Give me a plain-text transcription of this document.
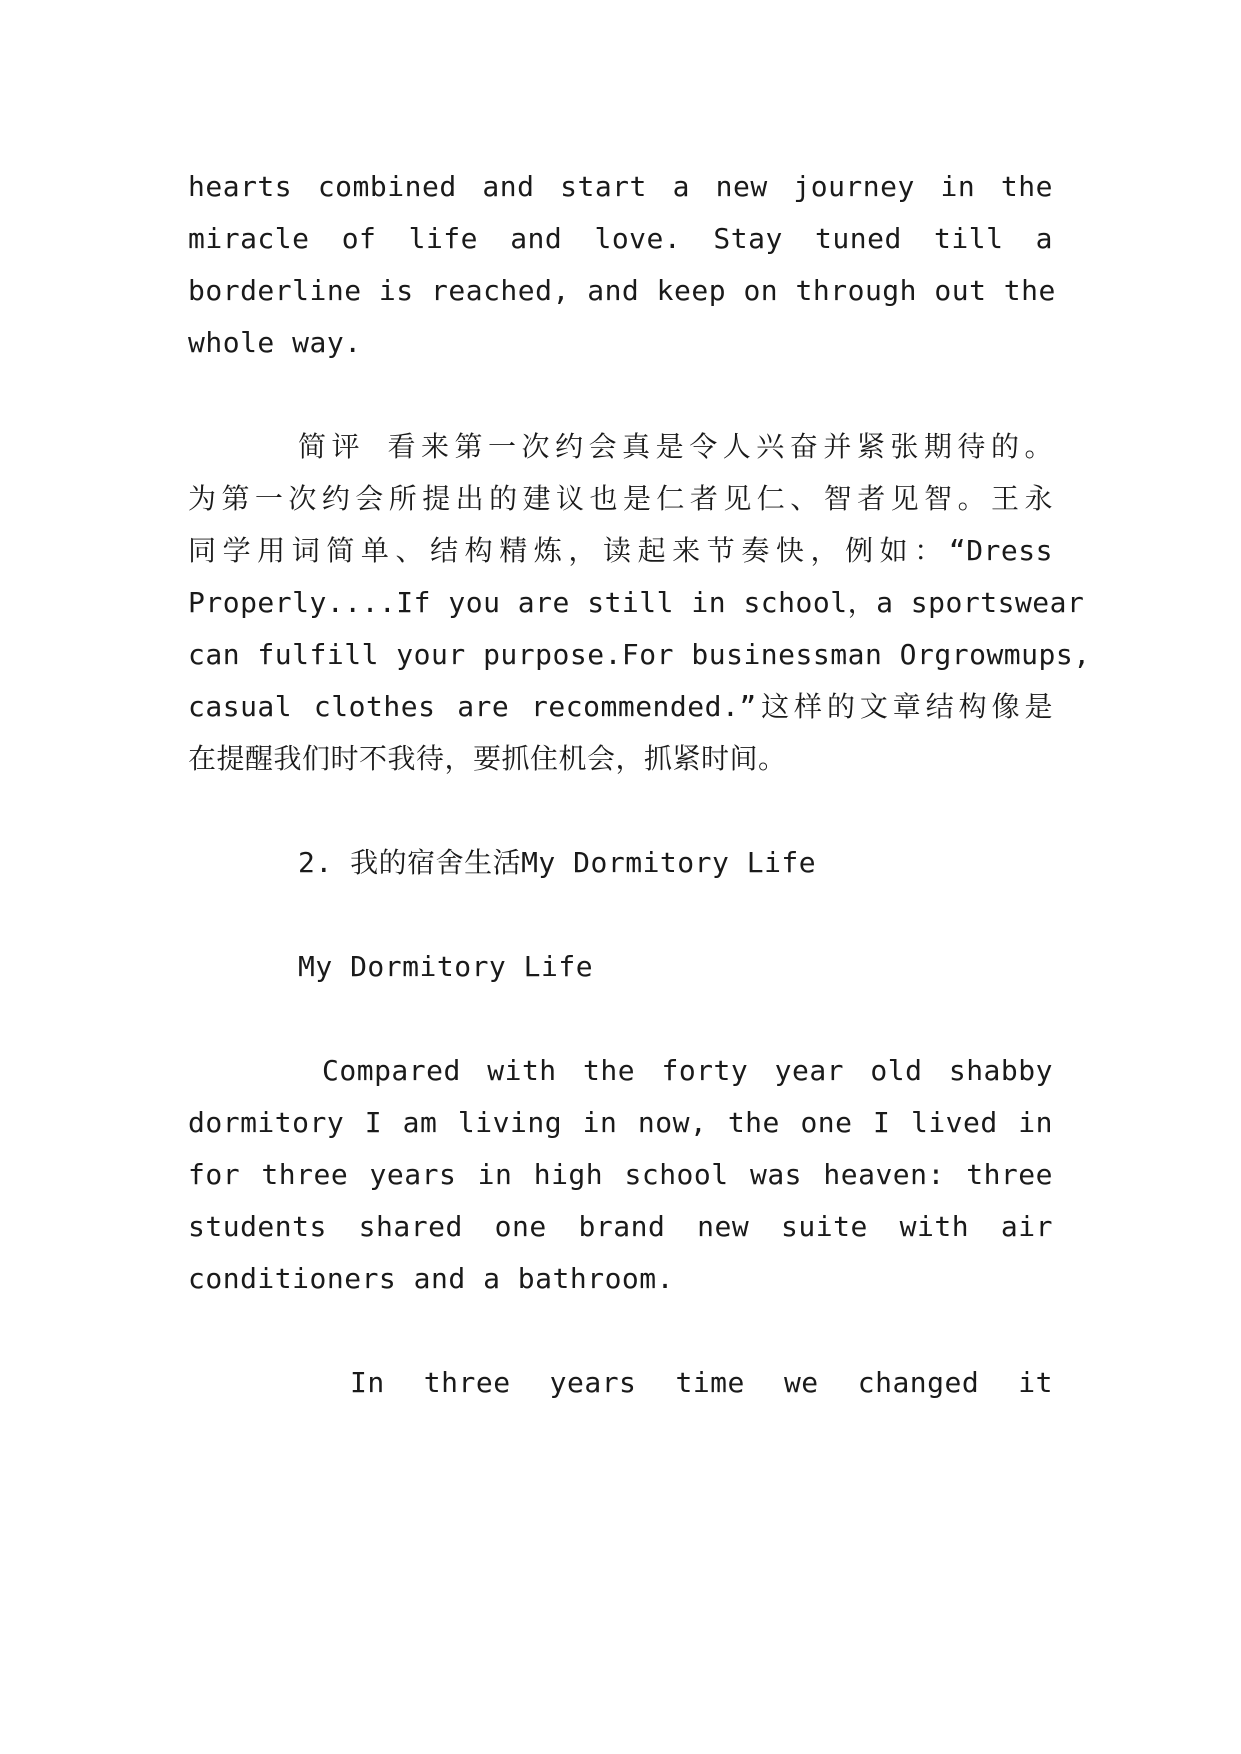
hearts combined and start a new journey in the
miracle of life and love. Stay tuned till a
borderline is reached, and keep on through out the
whole way.
简评 看来第一次约会真是令人兴奋并紧张期待的。
为第一次约会所提出的建议也是仁者见仁、智者见智。王永
同学用词简单、结构精炼，读起来节奏快，例如：“Dress
Properly....If you are still in school，a sportswear
can fulfill your purpose.For businessman Orgrowmups,
casual clothes are recommended.”这样的文章结构像是
在提醒我们时不我待，要抓住机会，抓紧时间。
2. 我的宿舍生活My Dormitory Life
My Dormitory Life
Compared with the forty year old shabby
dormitory I am living in now, the one I lived in
for three years in high school was heaven: three
students shared one brand new suite with air
conditioners and a bathroom.
In three years time we changed it
